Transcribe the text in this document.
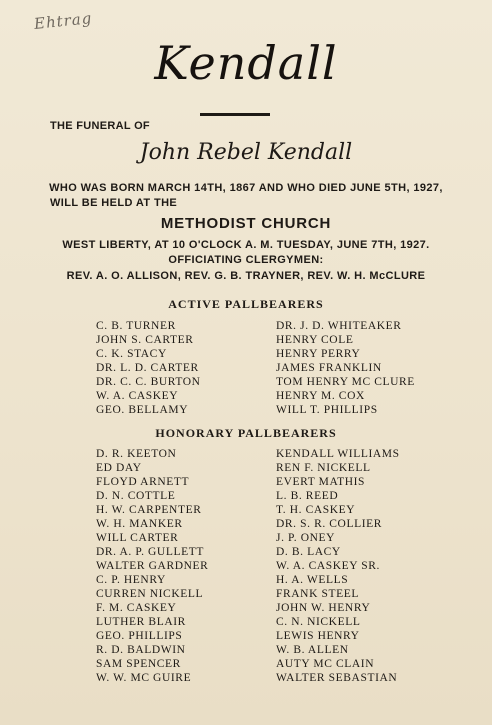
Ehtrag
Kendall
THE FUNERAL OF
John Rebel Kendall
WHO WAS BORN MARCH 14TH, 1867 AND WHO DIED JUNE 5TH, 1927,
WILL BE HELD AT THE
METHODIST CHURCH
WEST LIBERTY, AT 10 O'CLOCK A. M. TUESDAY, JUNE 7TH, 1927.
OFFICIATING CLERGYMEN:
REV. A. O. ALLISON, REV. G. B. TRAYNER, REV. W. H. McCLURE
ACTIVE PALLBEARERS
C. B. TURNER
JOHN S. CARTER
C. K. STACY
DR. L. D. CARTER
DR. C. C. BURTON
W. A. CASKEY
GEO. BELLAMY
DR. J. D. WHITEAKER
HENRY COLE
HENRY PERRY
JAMES FRANKLIN
TOM HENRY MC CLURE
HENRY M. COX
WILL T. PHILLIPS
HONORARY PALLBEARERS
D. R. KEETON
ED DAY
FLOYD ARNETT
D. N. COTTLE
H. W. CARPENTER
W. H. MANKER
WILL CARTER
DR. A. P. GULLETT
WALTER GARDNER
C. P. HENRY
CURREN NICKELL
F. M. CASKEY
LUTHER BLAIR
GEO. PHILLIPS
R. D. BALDWIN
SAM SPENCER
W. W. MC GUIRE
KENDALL WILLIAMS
REN F. NICKELL
EVERT MATHIS
L. B. REED
T. H. CASKEY
DR. S. R. COLLIER
J. P. ONEY
D. B. LACY
W. A. CASKEY SR.
H. A. WELLS
FRANK STEEL
JOHN W. HENRY
C. N. NICKELL
LEWIS HENRY
W. B. ALLEN
AUTY MC CLAIN
WALTER SEBASTIAN
